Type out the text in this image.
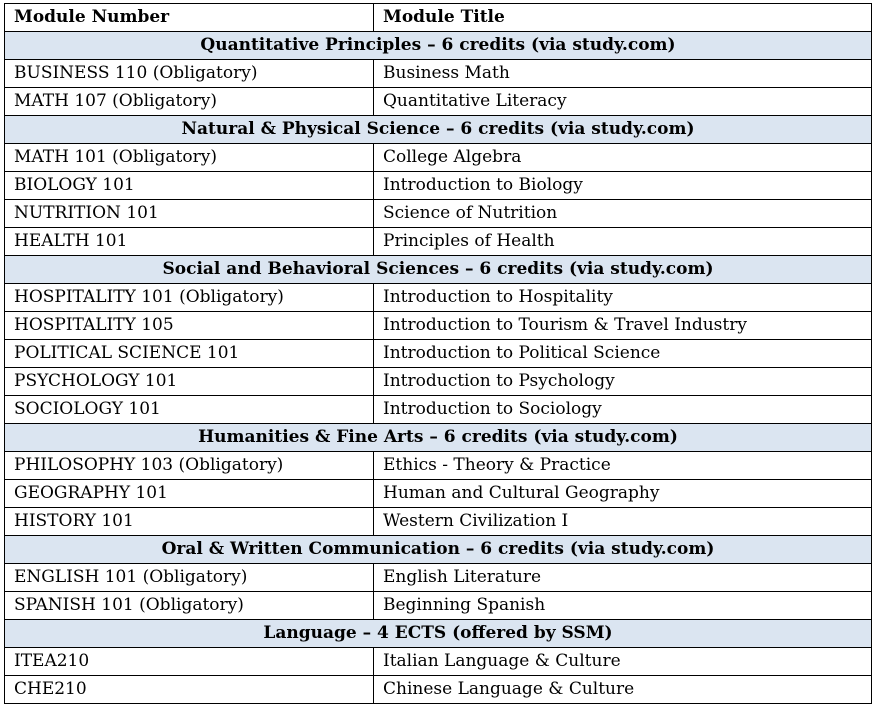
Module Number	Module Title
Quantitative Principles – 6 credits (via study.com)	
BUSINESS 110 (Obligatory)	Business Math
MATH 107 (Obligatory)	Quantitative Literacy
Natural & Physical Science – 6 credits (via study.com)	
MATH 101 (Obligatory)	College Algebra
BIOLOGY 101	Introduction to Biology
NUTRITION 101	Science of Nutrition
HEALTH 101	Principles of Health
Social and Behavioral Sciences – 6 credits (via study.com)	
HOSPITALITY 101 (Obligatory)	Introduction to Hospitality
HOSPITALITY 105	Introduction to Tourism & Travel Industry
POLITICAL SCIENCE 101	Introduction to Political Science
PSYCHOLOGY 101	Introduction to Psychology
SOCIOLOGY 101	Introduction to Sociology
Humanities & Fine Arts – 6 credits (via study.com)	
PHILOSOPHY 103 (Obligatory)	Ethics - Theory & Practice
GEOGRAPHY 101	Human and Cultural Geography
HISTORY 101	Western Civilization I
Oral & Written Communication – 6 credits (via study.com)	
ENGLISH 101 (Obligatory)	English Literature
SPANISH 101 (Obligatory)	Beginning Spanish
Language – 4 ECTS (offered by SSM)	
ITEA210	Italian Language & Culture
CHE210	Chinese Language & Culture
